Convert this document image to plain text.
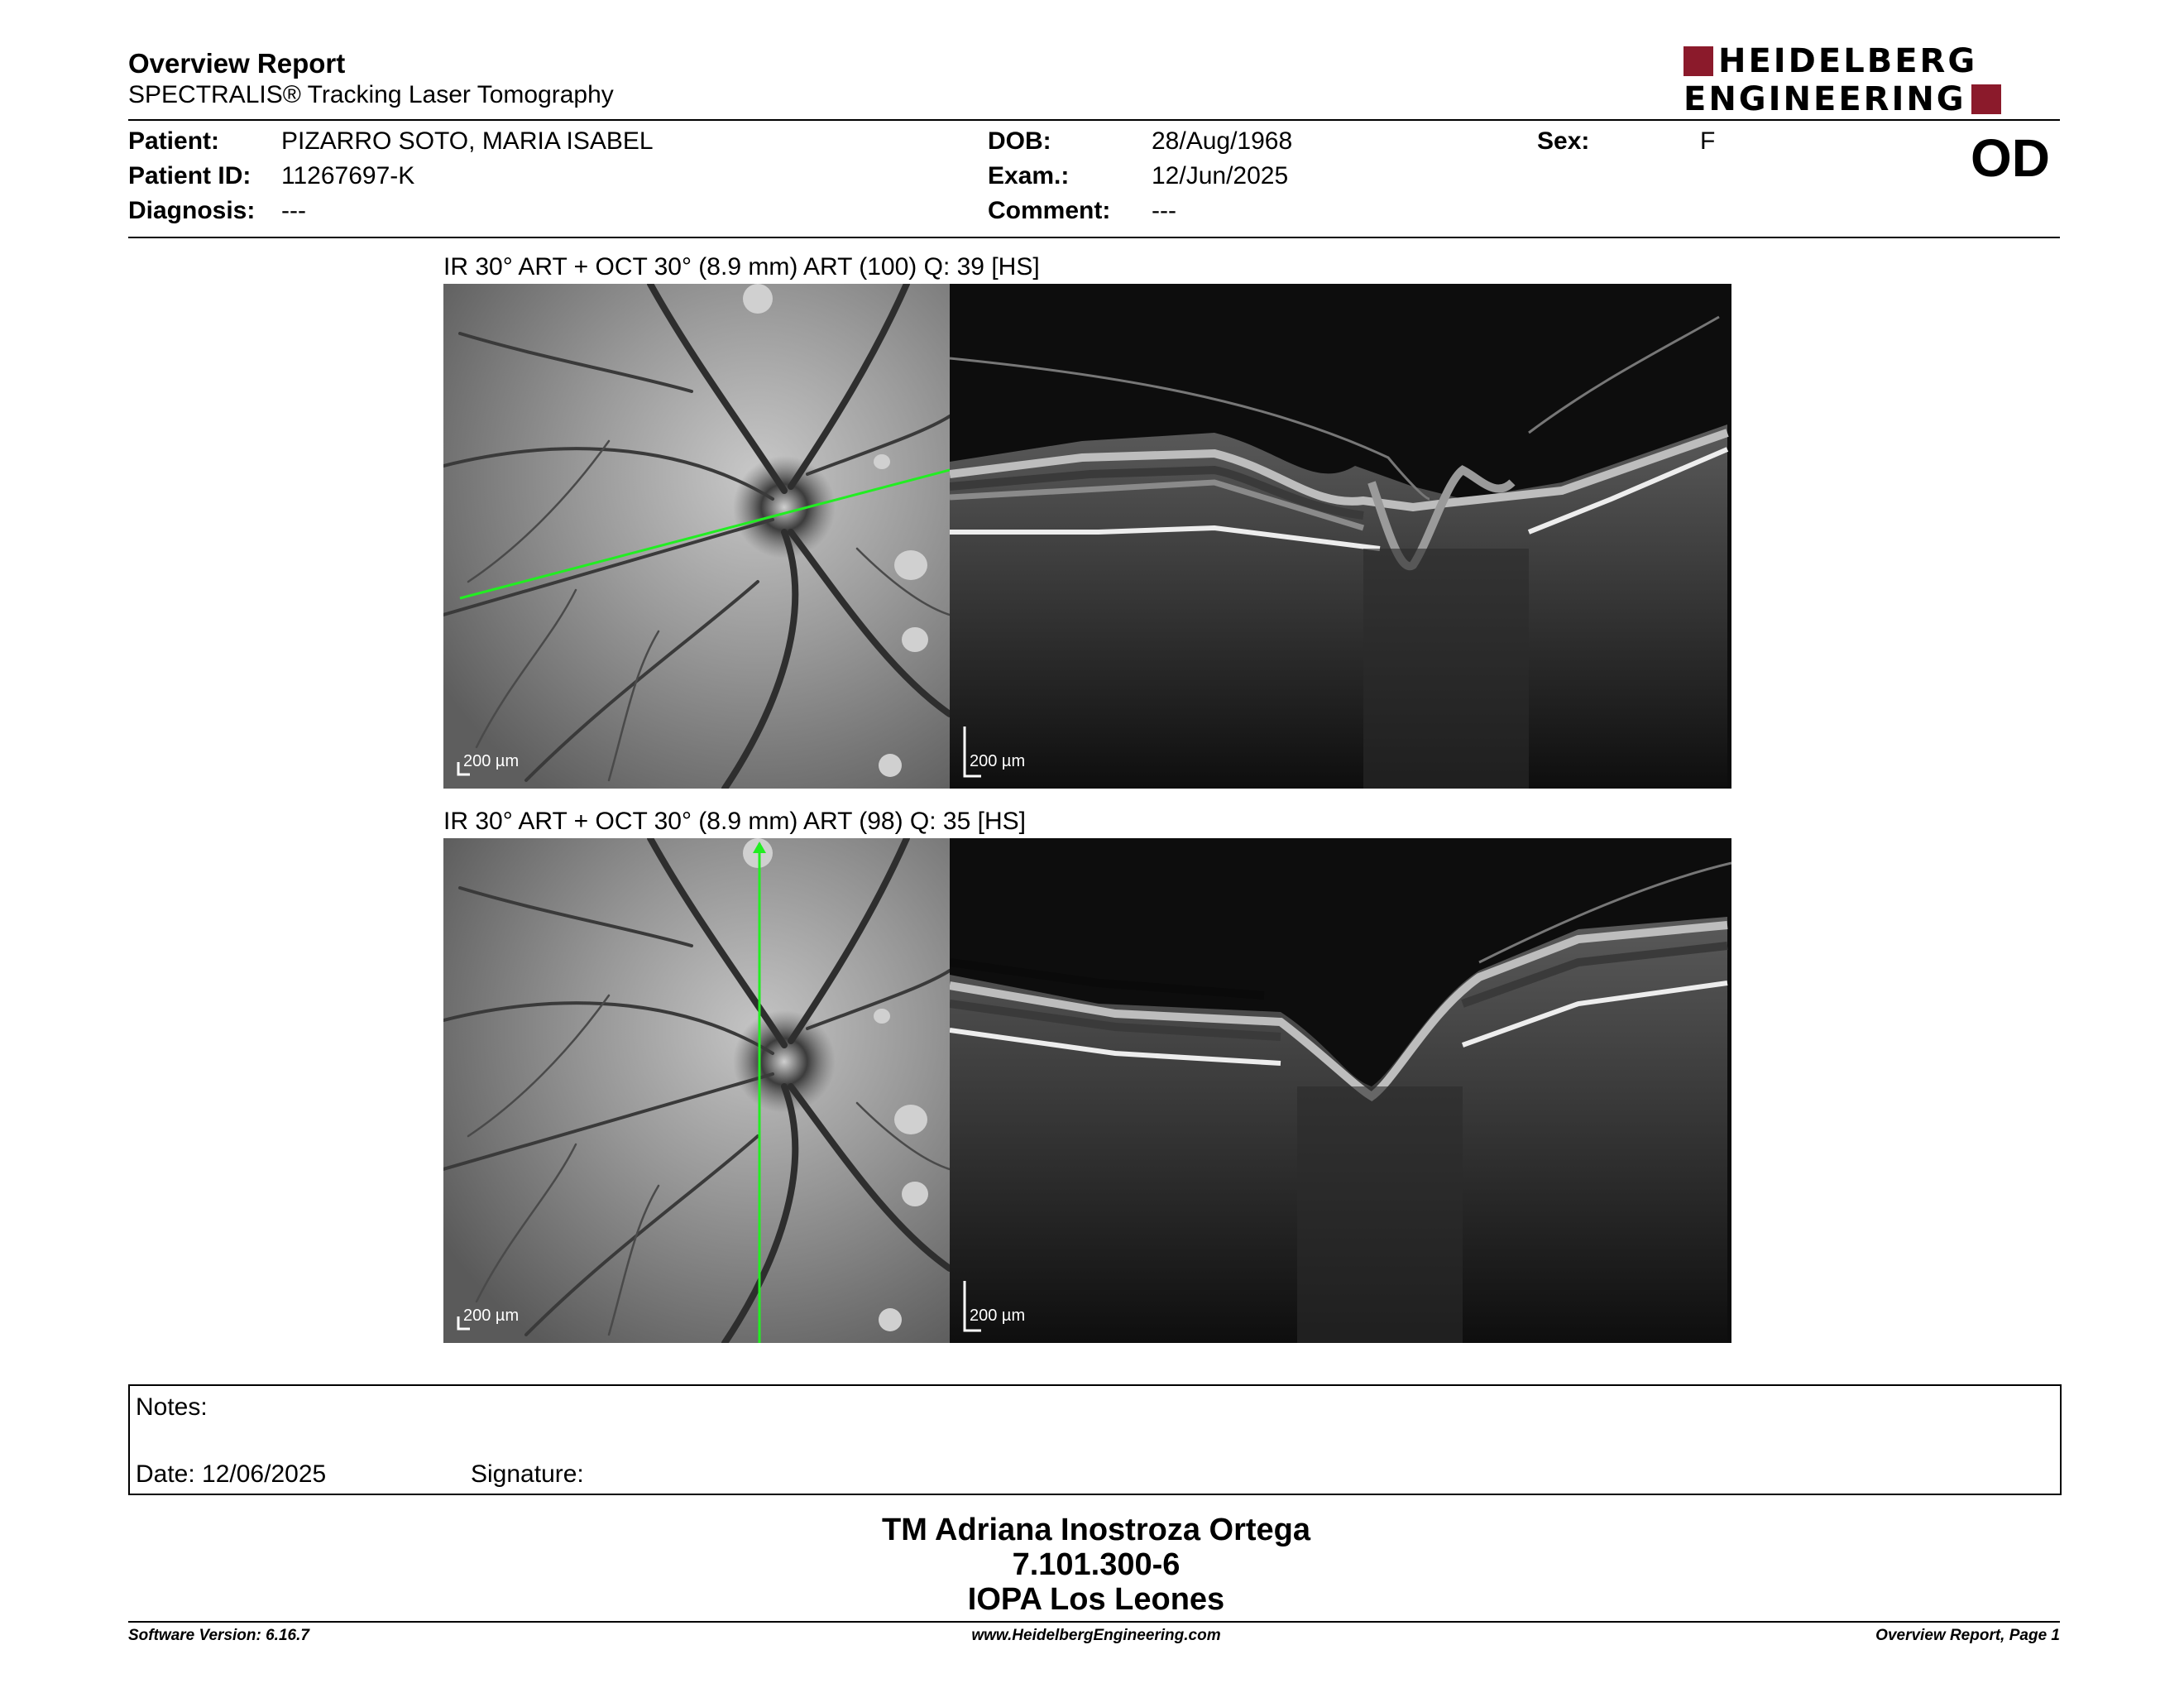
Overview Report
SPECTRALIS® Tracking Laser Tomography
HEIDELBERG
ENGINEERING
Patient: PIZARRO SOTO, MARIA ISABEL
Patient ID: 11267697-K
Diagnosis: ---
DOB:	28/Aug/1968
Exam.:	12/Jun/2025
Comment: ---
Sex:	F	OD
IR 30° ART + OCT 30° (8.9 mm) ART (100) Q: 39 [HS]
200 µm	200 µm
IR 30° ART + OCT 30° (8.9 mm) ART (98) Q: 35 [HS]
200 µm	200 µm
Notes:
Date: 12/06/2025	Signature:
TM Adriana Inostroza Ortega
7.101.300-6
IOPA Los Leones
Software Version: 6.16.7	www.HeidelbergEngineering.com	Overview Report, Page 1
